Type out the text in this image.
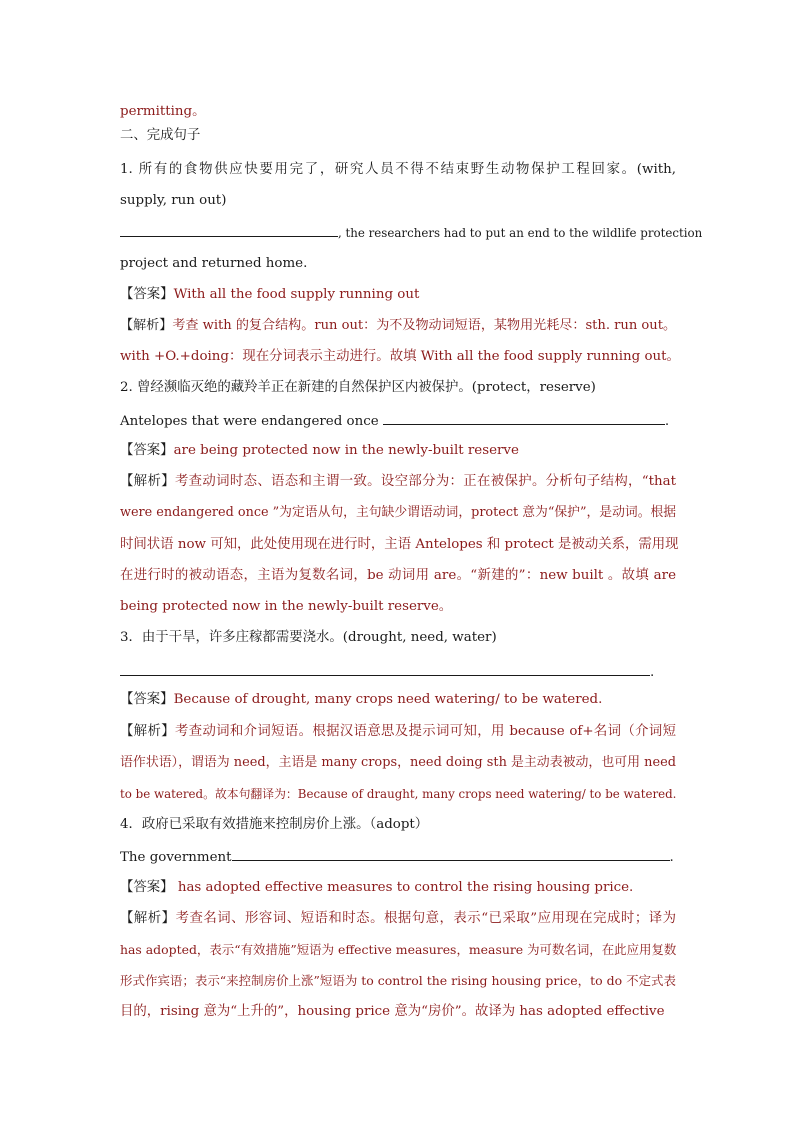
permitting。
二、完成句子
1. 所有的食物供应快要用完了，研究人员不得不结束野生动物保护工程回家。(with,
supply, run out)
, the researchers had to put an end to the wildlife protection
project and returned home.
【答案】With all the food supply running out
【解析】考查 with 的复合结构。run out：为不及物动词短语，某物用光耗尽：sth. run out。
with +O.+doing：现在分词表示主动进行。故填 With all the food supply running out。
2. 曾经濒临灭绝的藏羚羊正在新建的自然保护区内被保护。(protect，reserve)
Antelopes that were endangered once	.
【答案】are being protected now in the newly-built reserve
【解析】考查动词时态、语态和主谓一致。设空部分为：正在被保护。分析句子结构，“that
were endangered once ”为定语从句，主句缺少谓语动词，protect 意为“保护”，是动词。根据
时间状语 now 可知，此处使用现在进行时，主语 Antelopes 和 protect 是被动关系，需用现
在进行时的被动语态，主语为复数名词，be 动词用 are。“新建的”：new built 。故填 are
being protected now in the newly-built reserve。
3．由于干旱，许多庄稼都需要浇水。(drought, need, water)
.
【答案】Because of drought, many crops need watering/ to be watered.
【解析】考查动词和介词短语。根据汉语意思及提示词可知，用 because of+名词（介词短
语作状语），谓语为 need，主语是 many crops，need doing sth 是主动表被动，也可用 need
to be watered。故本句翻译为：Because of draught, many crops need watering/ to be watered.
4．政府已采取有效措施来控制房价上涨。（adopt）
The government	.
【答案】 has adopted effective measures to control the rising housing price.
【解析】考查名词、形容词、短语和时态。根据句意，表示“已采取”应用现在完成时；译为
has adopted，表示“有效措施”短语为 effective measures，measure 为可数名词，在此应用复数
形式作宾语；表示“来控制房价上涨”短语为 to control the rising housing price，to do 不定式表
目的，rising 意为“上升的”，housing price 意为“房价”。故译为 has adopted effective
